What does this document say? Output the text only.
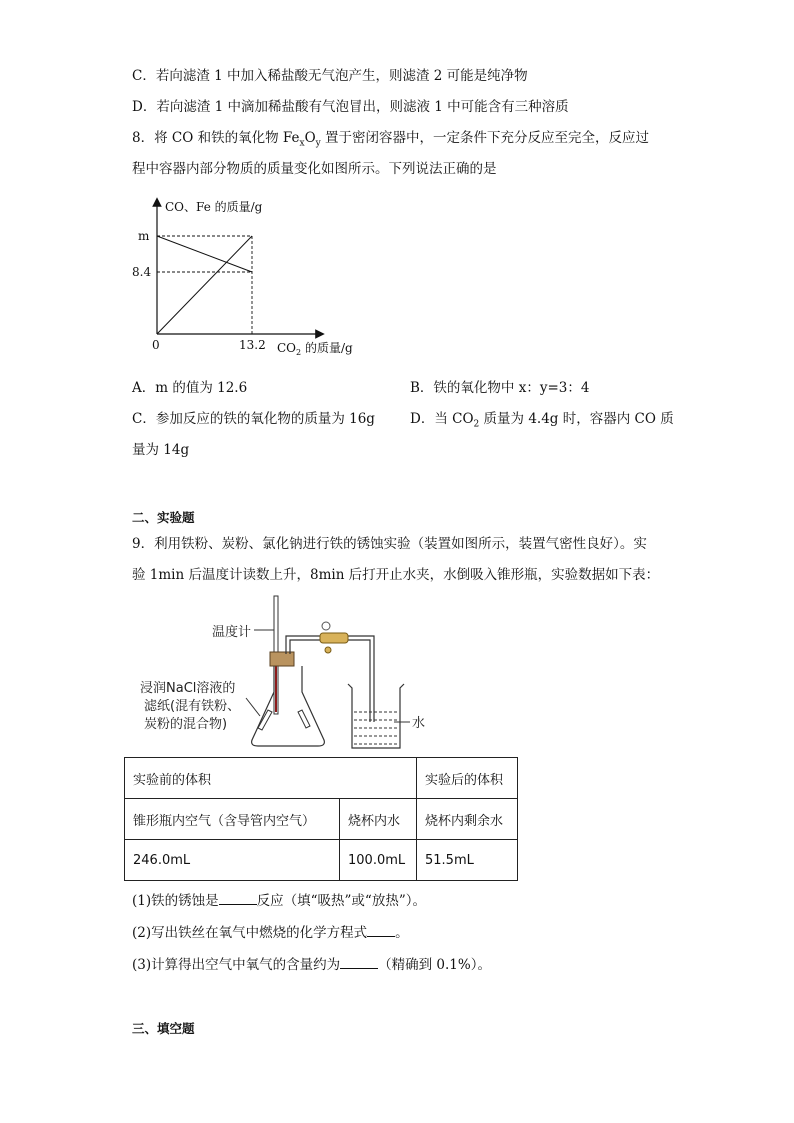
C．若向滤渣 1 中加入稀盐酸无气泡产生，则滤渣 2 可能是纯净物
D．若向滤渣 1 中滴加稀盐酸有气泡冒出，则滤液 1 中可能含有三种溶质
8．将 CO 和铁的氧化物 $Fe_xO_y$ 置于密闭容器中，一定条件下充分反应至完全，反应过
程中容器内部分物质的质量变化如图所示。下列说法正确的是
CO、Fe 的质量/g
m
8.4
0	13.2 $CO_2$ 的质量/g
A．m 的值为 12.6	B．铁的氧化物中 x：y=3：4
C．参加反应的铁的氧化物的质量为 16g	D．当 $CO_2$ 质量为 4.4g 时，容器内 CO 质
量为 14g
二、实验题
9．利用铁粉、炭粉、氯化钠进行铁的锈蚀实验（装置如图所示，装置气密性良好）。实
验 1min 后温度计读数上升，8min 后打开止水夹，水倒吸入锥形瓶，实验数据如下表：
温度计
水
浸润NaCl溶液的
滤纸(混有铁粉、
炭粉的混合物)
实验前的体积		实验后的体积
锥形瓶内空气（含导管内空气）	烧杯内水	烧杯内剩余水
246.0mL	100.0mL	51.5mL
(1)铁的锈蚀是	反应（填“吸热”或“放热”）。
(2)写出铁丝在氧气中燃烧的化学方程式 。
(3)计算得出空气中氧气的含量约为	（精确到 0.1%）。
三、填空题
